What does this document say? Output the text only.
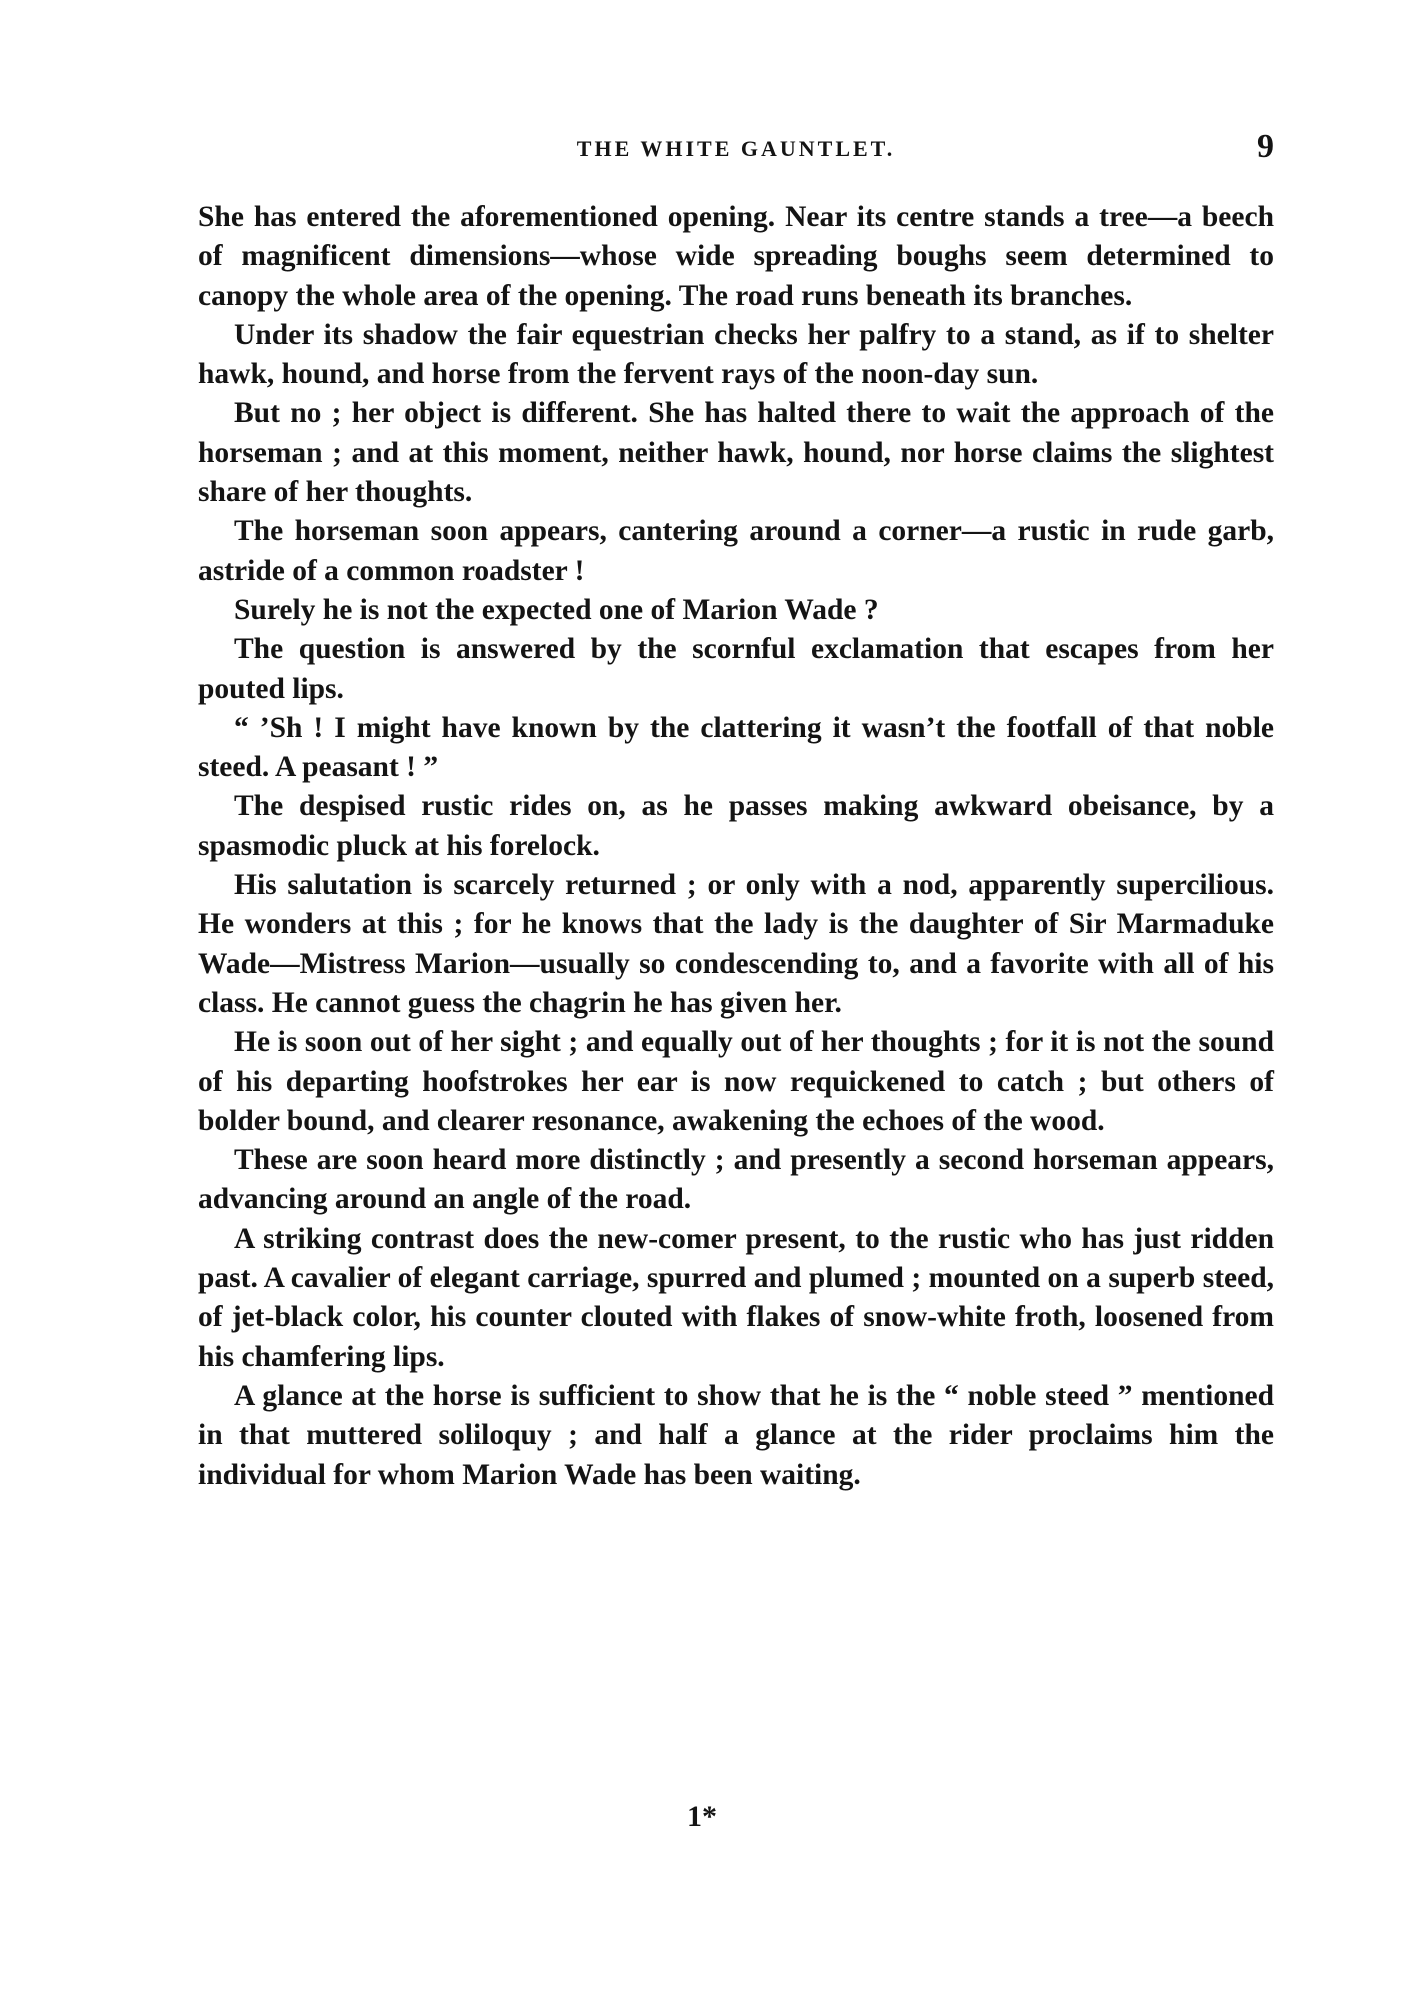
THE WHITE GAUNTLET.	9

She has entered the aforementioned opening. Near its centre stands a tree—a beech of magnificent dimensions—whose wide spreading boughs seem determined to canopy the whole area of the opening. The road runs beneath its branches.

Under its shadow the fair equestrian checks her palfry to a stand, as if to shelter hawk, hound, and horse from the fervent rays of the noon-day sun.

But no ; her object is different. She has halted there to wait the approach of the horseman ; and at this moment, neither hawk, hound, nor horse claims the slightest share of her thoughts.

The horseman soon appears, cantering around a corner—a rustic in rude garb, astride of a common roadster !

Surely he is not the expected one of Marion Wade ?

The question is answered by the scornful exclamation that escapes from her pouted lips.

“ ’Sh ! I might have known by the clattering it wasn’t the footfall of that noble steed. A peasant ! ”

The despised rustic rides on, as he passes making awkward obeisance, by a spasmodic pluck at his forelock.

His salutation is scarcely returned ; or only with a nod, apparently supercilious. He wonders at this ; for he knows that the lady is the daughter of Sir Marmaduke Wade—Mistress Marion—usually so condescending to, and a favorite with all of his class. He cannot guess the chagrin he has given her.

He is soon out of her sight ; and equally out of her thoughts ; for it is not the sound of his departing hoofstrokes her ear is now requickened to catch ; but others of bolder bound, and clearer resonance, awakening the echoes of the wood.

These are soon heard more distinctly ; and presently a second horseman appears, advancing around an angle of the road.

A striking contrast does the new-comer present, to the rustic who has just ridden past. A cavalier of elegant carriage, spurred and plumed ; mounted on a superb steed, of jet-black color, his counter clouted with flakes of snow-white froth, loosened from his chamfering lips.

A glance at the horse is sufficient to show that he is the “ noble steed ” mentioned in that muttered soliloquy ; and half a glance at the rider proclaims him the individual for whom Marion Wade has been waiting.

1*
